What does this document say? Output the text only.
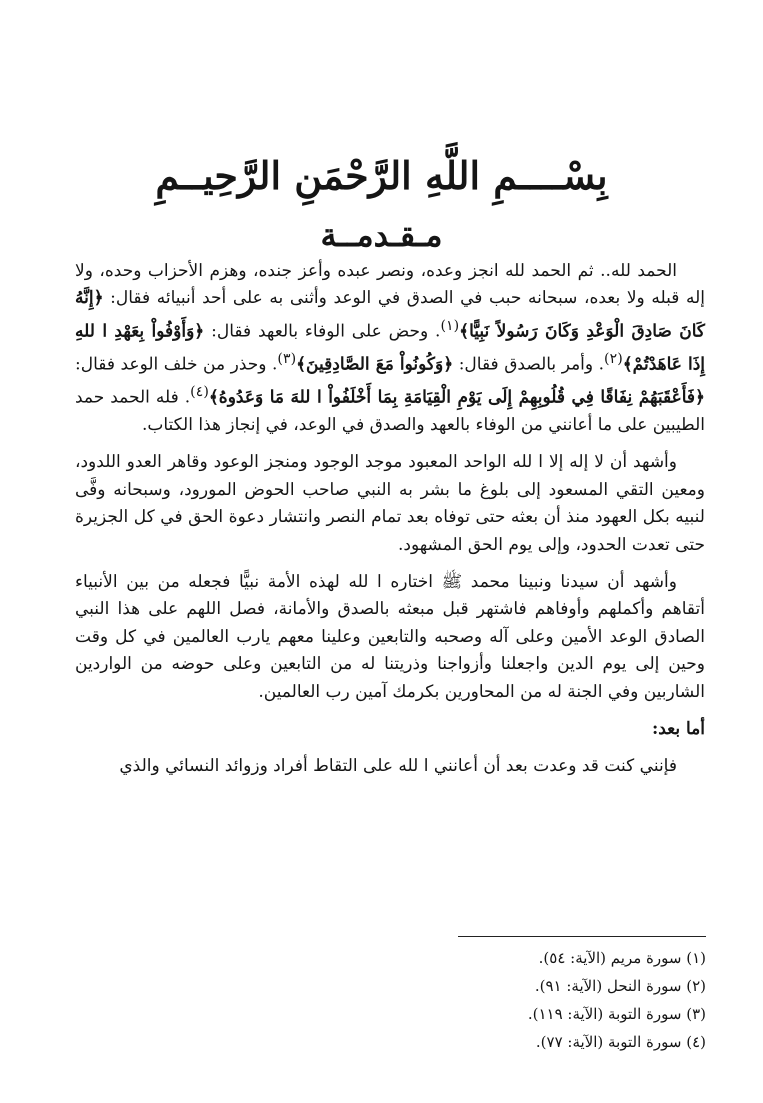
بِسْــــمِ اللَّهِ الرَّحْمَنِ الرَّحِيــمِ
مـقـدمــة

الحمد لله.. ثم الحمد لله انجز وعده، ونصر عبده وأعز جنده، وهزم الأحزاب وحده، ولا إله قبله ولا بعده، سبحانه حبب في الصدق في الوعد وأثنى به على أحد أنبيائه فقال: ﴿إِنَّهُ كَانَ صَادِقَ الْوَعْدِ وَكَانَ رَسُولاً نَبِيًّا﴾$^{(١)}$. وحض على الوفاء بالعهد فقال: ﴿وَأَوْفُواْ بِعَهْدِ ا للهِ إِذَا عَاهَدْتُمْ﴾$^{(٢)}$. وأمر بالصدق فقال: ﴿وَكُونُواْ مَعَ الصَّادِقِينَ﴾$^{(٣)}$. وحذر من خلف الوعد فقال: ﴿فَأَعْقَبَهُمْ نِفَاقًا فِي قُلُوبِهِمْ إِلَى يَوْمِ الْقِيَامَةِ بِمَا أَخْلَفُواْ ا للهَ مَا وَعَدُوهُ﴾$^{(٤)}$. فله الحمد حمد الطيبين على ما أعانني من الوفاء بالعهد والصدق في الوعد، في إنجاز هذا الكتاب.

وأشهد أن لا إله إلا ا لله الواحد المعبود موجد الوجود ومنجز الوعود وقاهر العدو اللدود، ومعين التقي المسعود إلى بلوغ ما بشر به النبي صاحب الحوض المورود، وسبحانه وفَّى لنبيه بكل العهود منذ أن بعثه حتى توفاه بعد تمام النصر وانتشار دعوة الحق في كل الجزيرة حتى تعدت الحدود، وإلى يوم الحق المشهود.

وأشهد أن سيدنا ونبينا محمد ﷺ اختاره ا لله لهذه الأمة نبيًّا فجعله من بين الأنبياء أتقاهم وأكملهم وأوفاهم فاشتهر قبل مبعثه بالصدق والأمانة، فصل اللهم على هذا النبي الصادق الوعد الأمين وعلى آله وصحبه والتابعين وعلينا معهم يارب العالمين في كل وقت وحين إلى يوم الدين واجعلنا وأزواجنا وذريتنا له من التابعين وعلى حوضه من الواردين الشاربين وفي الجنة له من المحاورين بكرمك آمين رب العالمين.

أما بعد:

فإنني كنت قد وعدت بعد أن أعانني ا لله على التقاط أفراد وزوائد النسائي والذي

(١) سورة مريم (الآية: ٥٤).
(٢) سورة النحل (الآية: ٩١).
(٣) سورة التوبة (الآية: ١١٩).
(٤) سورة التوبة (الآية: ٧٧).
